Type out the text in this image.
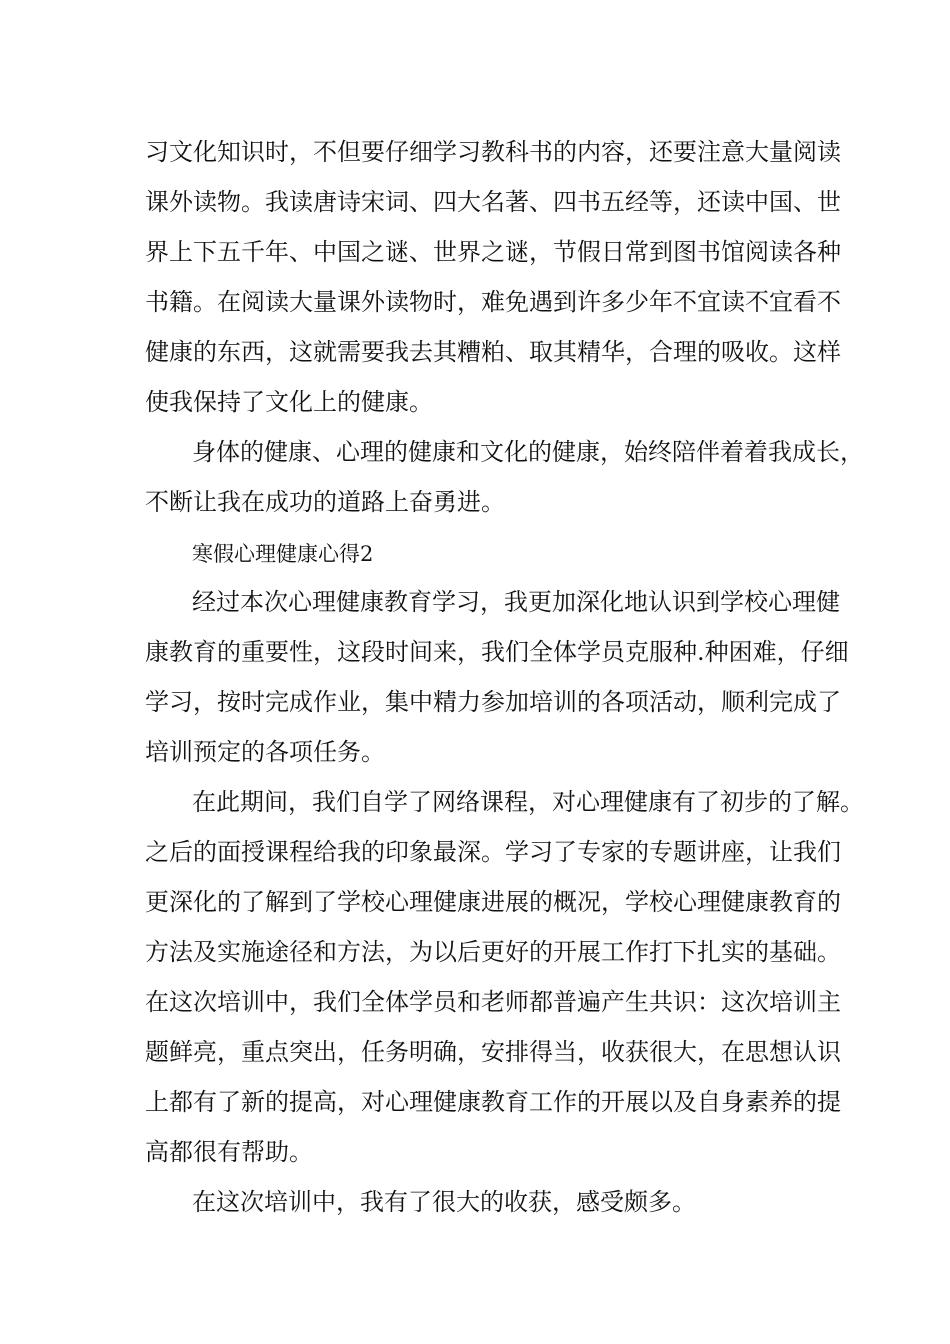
习文化知识时，不但要仔细学习教科书的内容，还要注意大量阅读
课外读物。我读唐诗宋词、四大名著、四书五经等，还读中国、世
界上下五千年、中国之谜、世界之谜，节假日常到图书馆阅读各种
书籍。在阅读大量课外读物时，难免遇到许多少年不宜读不宜看不
健康的东西，这就需要我去其糟粕、取其精华，合理的吸收。这样
使我保持了文化上的健康。
身体的健康、心理的健康和文化的健康，始终陪伴着着我成长，
不断让我在成功的道路上奋勇进。
寒假心理健康心得2
经过本次心理健康教育学习，我更加深化地认识到学校心理健
康教育的重要性，这段时间来，我们全体学员克服种.种困难，仔细
学习，按时完成作业，集中精力参加培训的各项活动，顺利完成了
培训预定的各项任务。
在此期间，我们自学了网络课程，对心理健康有了初步的了解。
之后的面授课程给我的印象最深。学习了专家的专题讲座，让我们
更深化的了解到了学校心理健康进展的概况，学校心理健康教育的
方法及实施途径和方法，为以后更好的开展工作打下扎实的基础。
在这次培训中，我们全体学员和老师都普遍产生共识：这次培训主
题鲜亮，重点突出，任务明确，安排得当，收获很大，在思想认识
上都有了新的提高，对心理健康教育工作的开展以及自身素养的提
高都很有帮助。
在这次培训中，我有了很大的收获，感受颇多。
